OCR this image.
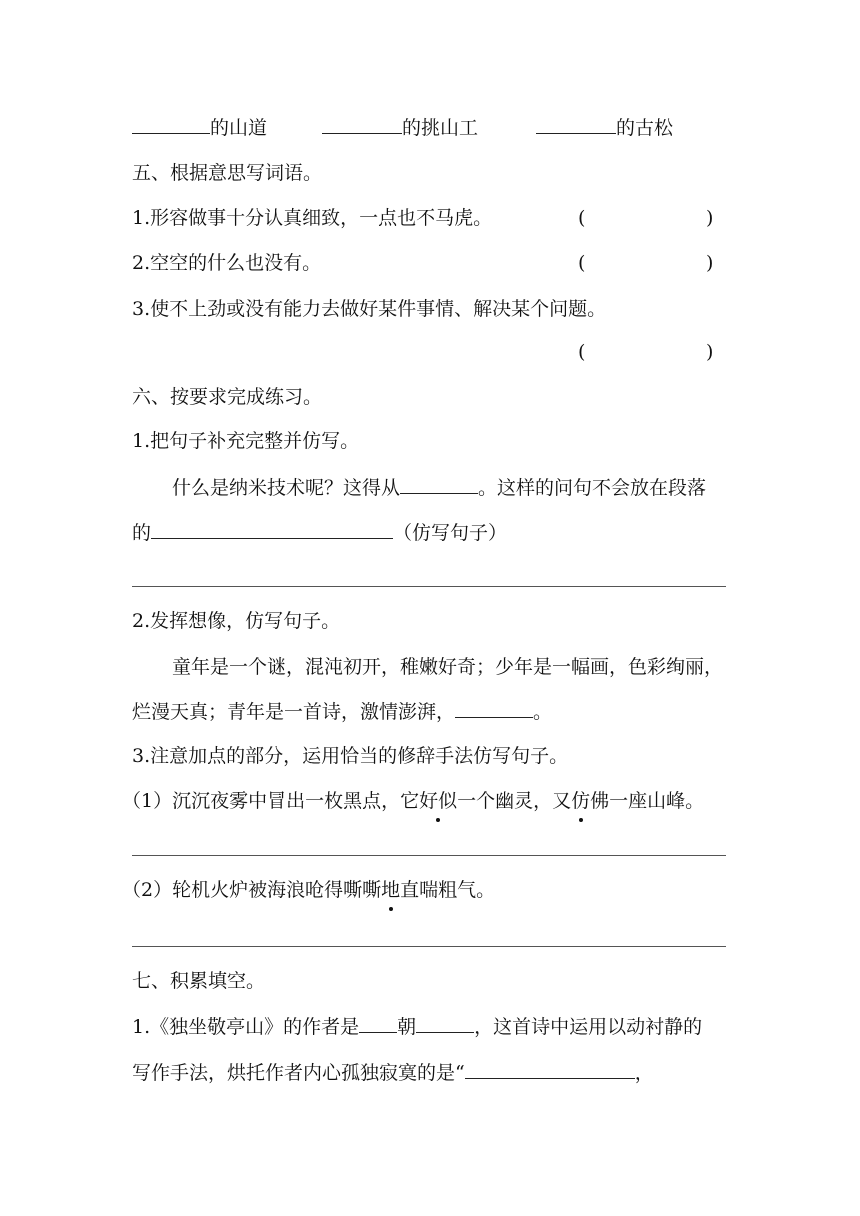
的山道	的挑山工	的古松
五、根据意思写词语。
1.形容做事十分认真细致，一点也不马虎。	(	)
2.空空的什么也没有。	(	)
3.使不上劲或没有能力去做好某件事情、解决某个问题。
(	)
六、按要求完成练习。
1.把句子补充完整并仿写。
什么是纳米技术呢？这得从	。这样的问句不会放在段落
的	（仿写句子）
2.发挥想像，仿写句子。
童年是一个谜，混沌初开，稚嫩好奇；少年是一幅画，色彩绚丽，
烂漫天真；青年是一首诗，激情澎湃，	。
3.注意加点的部分，运用恰当的修辞手法仿写句子。
（1）沉沉夜雾中冒出一枚黑点，它好似一个幽灵，又仿佛一座山峰。
（2）轮机火炉被海浪呛得嘶嘶地直喘粗气。
七、积累填空。
1.《独坐敬亭山》的作者是 朝	，这首诗中运用以动衬静的
写作手法，烘托作者内心孤独寂寞的是“	，
